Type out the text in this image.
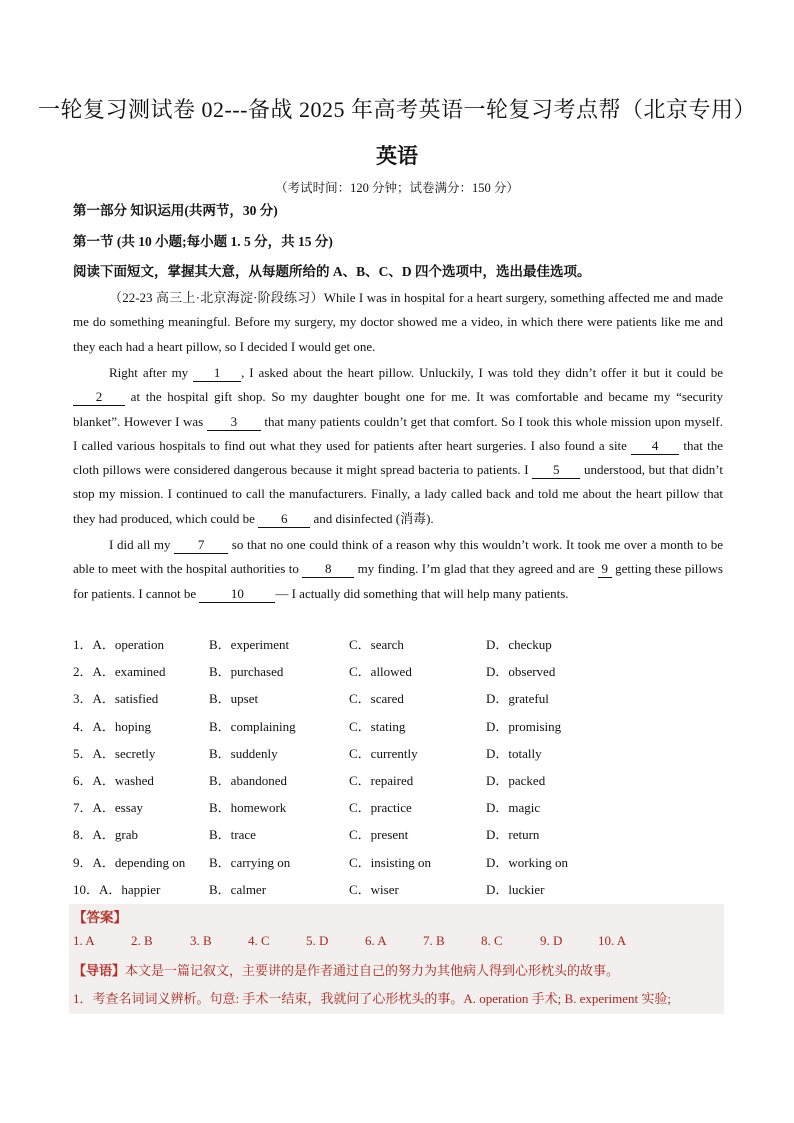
一轮复习测试卷 02---备战 2025 年高考英语一轮复习考点帮（北京专用）
英语
（考试时间：120 分钟；试卷满分：150 分）
第一部分 知识运用(共两节，30 分)
第一节 (共 10 小题;每小题 1. 5 分，共 15 分)
阅读下面短文，掌握其大意，从每题所给的 A、B、C、D 四个选项中，选出最佳选项。

（22-23 高三上·北京海淀·阶段练习）While I was in hospital for a heart surgery, something affected me and made me do something meaningful. Before my surgery, my doctor showed me a video, in which there were patients like me and they each had a heart pillow, so I decided I would get one.

Right after my 1 , I asked about the heart pillow. Unluckily, I was told they didn’t offer it but it could be 2 at the hospital gift shop. So my daughter bought one for me. It was comfortable and became my “security blanket”. However I was 3 that many patients couldn’t get that comfort. So I took this whole mission upon myself. I called various hospitals to find out what they used for patients after heart surgeries. I also found a site 4 that the cloth pillows were considered dangerous because it might spread bacteria to patients. I 5 understood, but that didn’t stop my mission. I continued to call the manufacturers. Finally, a lady called back and told me about the heart pillow that they had produced, which could be 6 and disinfected (消毒).

I did all my 7 so that no one could think of a reason why this wouldn’t work. It took me over a month to be able to meet with the hospital authorities to 8 my finding. I’m glad that they agreed and are 9 getting these pillows for patients. I cannot be 10 — I actually did something that will help many patients.

1．A．operation	B．experiment	C．search	D．checkup
2．A．examined	B．purchased	C．allowed	D．observed
3．A．satisfied	B．upset	C．scared	D．grateful
4．A．hoping	B．complaining	C．stating	D．promising
5．A．secretly	B．suddenly	C．currently	D．totally
6．A．washed	B．abandoned	C．repaired	D．packed
7．A．essay	B．homework	C．practice	D．magic
8．A．grab	B．trace	C．present	D．return
9．A．depending on B．carrying on	C．insisting on	D．working on
10．A．happier	B．calmer	C．wiser	D．luckier
【答案】
1. A	2. B	3. B	4. C	5. D	6. A	7. B	8. C	9. D	10. A
【导语】本文是一篇记叙文，主要讲的是作者通过自己的努力为其他病人得到心形枕头的故事。
1．考查名词词义辨析。句意: 手术一结束，我就问了心形枕头的事。A. operation 手术; B. experiment 实验;
